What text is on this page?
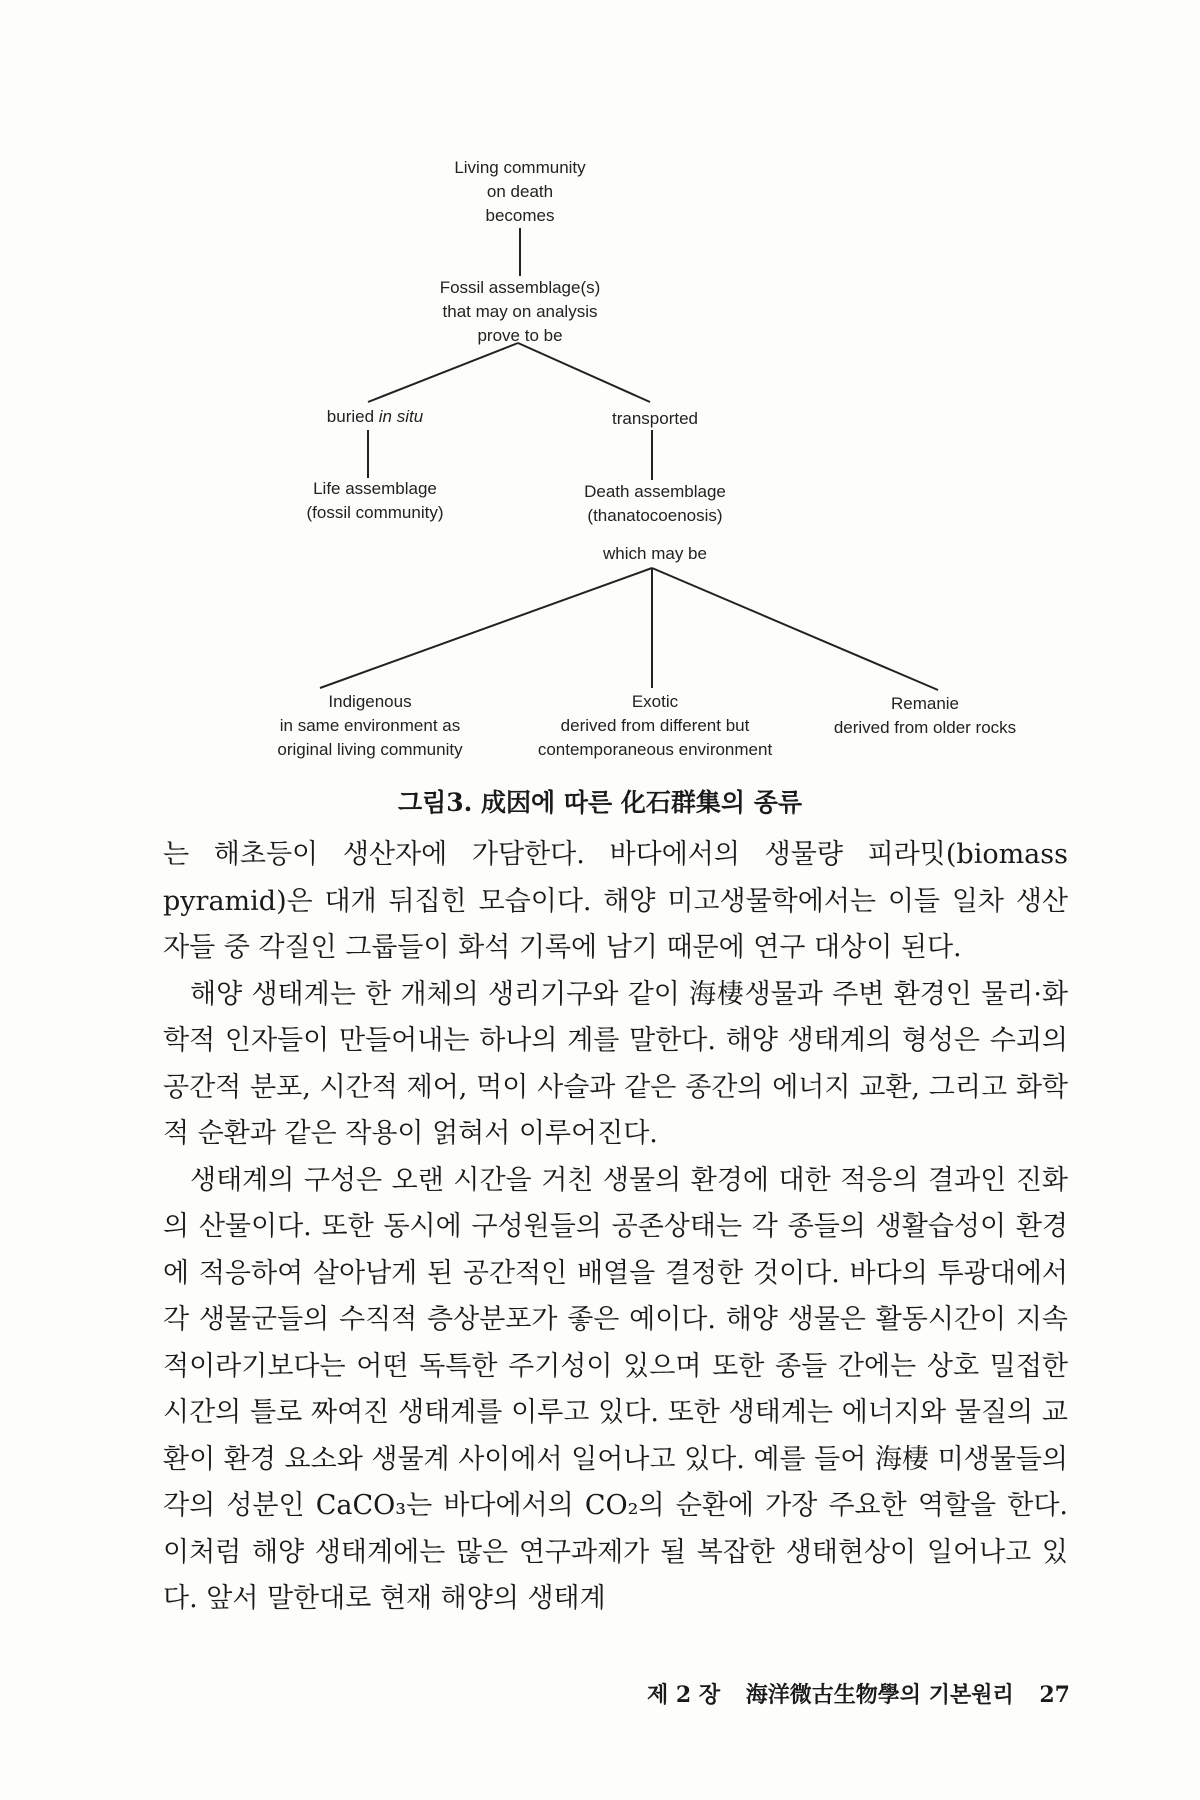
Living community
on death
becomes
Fossil assemblage(s)
that may on analysis
prove to be
buried in situ	transported
Life assemblage
(fossil community)
Death assemblage
(thanatocoenosis)
which may be
Indigenous
in same environment as
original living community
Exotic
derived from different but
contemporaneous environment
Remanie
derived from older rocks
그림3. 成因에 따른 化石群集의 종류

는 해초등이 생산자에 가담한다. 바다에서의 생물량 피라밋(biomass pyramid)은 대개 뒤집힌 모습이다. 해양 미고생물학에서는 이들 일차 생산자들 중 각질인 그룹들이 화석 기록에 남기 때문에 연구 대상이 된다.

해양 생태계는 한 개체의 생리기구와 같이 海棲생물과 주변 환경인 물리·화학적 인자들이 만들어내는 하나의 계를 말한다. 해양 생태계의 형성은 수괴의 공간적 분포, 시간적 제어, 먹이 사슬과 같은 종간의 에너지 교환, 그리고 화학적 순환과 같은 작용이 얽혀서 이루어진다.

생태계의 구성은 오랜 시간을 거친 생물의 환경에 대한 적응의 결과인 진화의 산물이다. 또한 동시에 구성원들의 공존상태는 각 종들의 생활습성이 환경에 적응하여 살아남게 된 공간적인 배열을 결정한 것이다. 바다의 투광대에서 각 생물군들의 수직적 층상분포가 좋은 예이다. 해양 생물은 활동시간이 지속적이라기보다는 어떤 독특한 주기성이 있으며 또한 종들 간에는 상호 밀접한 시간의 틀로 짜여진 생태계를 이루고 있다. 또한 생태계는 에너지와 물질의 교환이 환경 요소와 생물계 사이에서 일어나고 있다. 예를 들어 海棲 미생물들의 각의 성분인 CaCO₃는 바다에서의 CO₂의 순환에 가장 주요한 역할을 한다. 이처럼 해양 생태계에는 많은 연구과제가 될 복잡한 생태현상이 일어나고 있다. 앞서 말한대로 현재 해양의 생태계

제 2 장 海洋微古生物學의 기본원리 27
